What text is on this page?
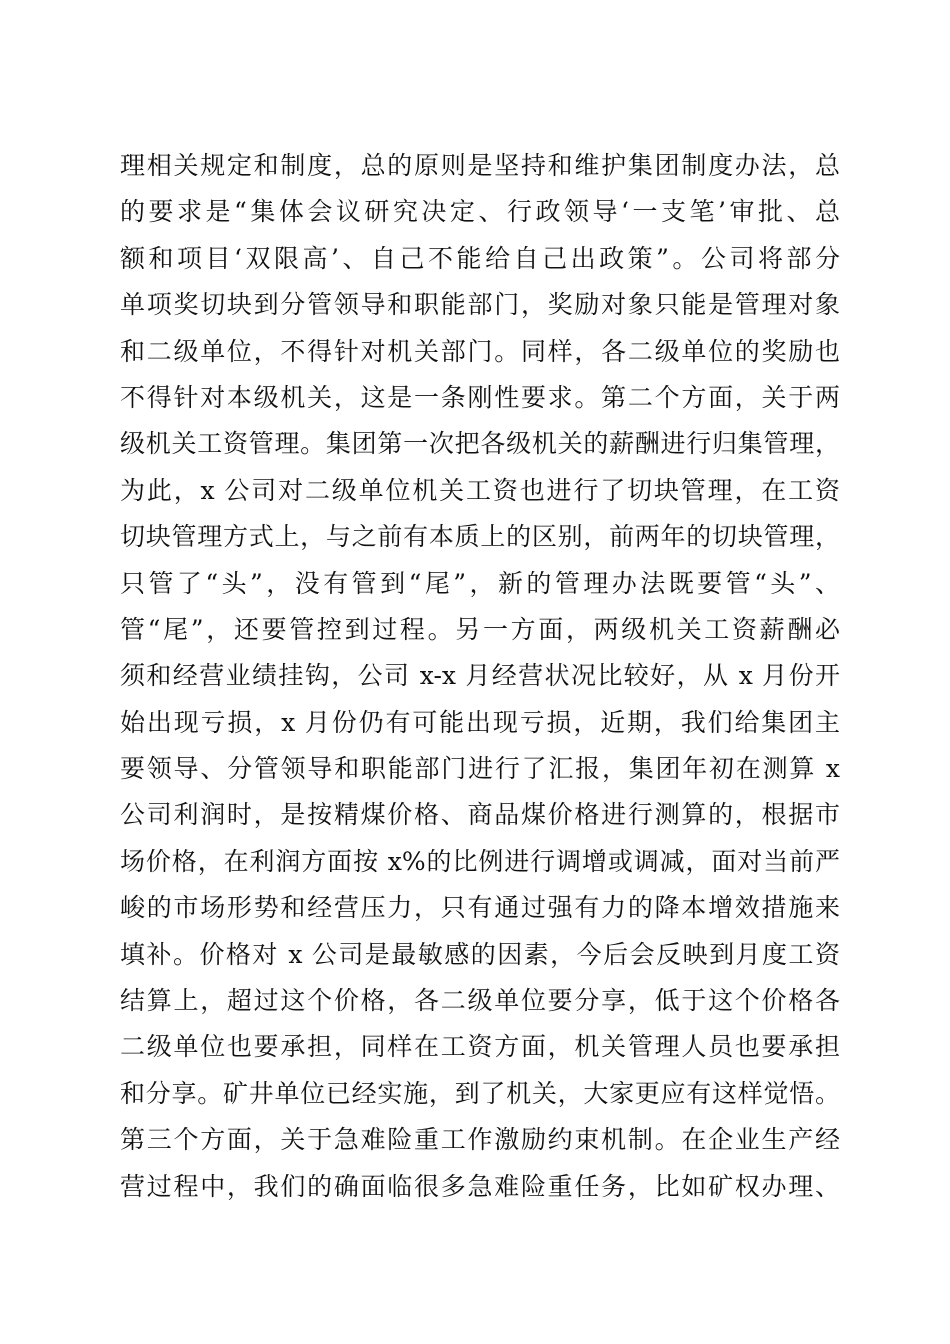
理相关规定和制度，总的原则是坚持和维护集团制度办法，总
的要求是“集体会议研究决定、行政领导‘一支笔’审批、总
额和项目‘双限高’、自己不能给自己出政策”。公司将部分
单项奖切块到分管领导和职能部门，奖励对象只能是管理对象
和二级单位，不得针对机关部门。同样，各二级单位的奖励也
不得针对本级机关，这是一条刚性要求。第二个方面，关于两
级机关工资管理。集团第一次把各级机关的薪酬进行归集管理，
为此，x 公司对二级单位机关工资也进行了切块管理，在工资
切块管理方式上，与之前有本质上的区别，前两年的切块管理，
只管了“头”，没有管到“尾”，新的管理办法既要管“头”、
管“尾”，还要管控到过程。另一方面，两级机关工资薪酬必
须和经营业绩挂钩，公司 x-x 月经营状况比较好，从 x 月份开
始出现亏损，x 月份仍有可能出现亏损，近期，我们给集团主
要领导、分管领导和职能部门进行了汇报，集团年初在测算 x
公司利润时，是按精煤价格、商品煤价格进行测算的，根据市
场价格，在利润方面按 x%的比例进行调增或调减，面对当前严
峻的市场形势和经营压力，只有通过强有力的降本增效措施来
填补。价格对 x 公司是最敏感的因素，今后会反映到月度工资
结算上，超过这个价格，各二级单位要分享，低于这个价格各
二级单位也要承担，同样在工资方面，机关管理人员也要承担
和分享。矿井单位已经实施，到了机关，大家更应有这样觉悟。
第三个方面，关于急难险重工作激励约束机制。在企业生产经
营过程中，我们的确面临很多急难险重任务，比如矿权办理、
